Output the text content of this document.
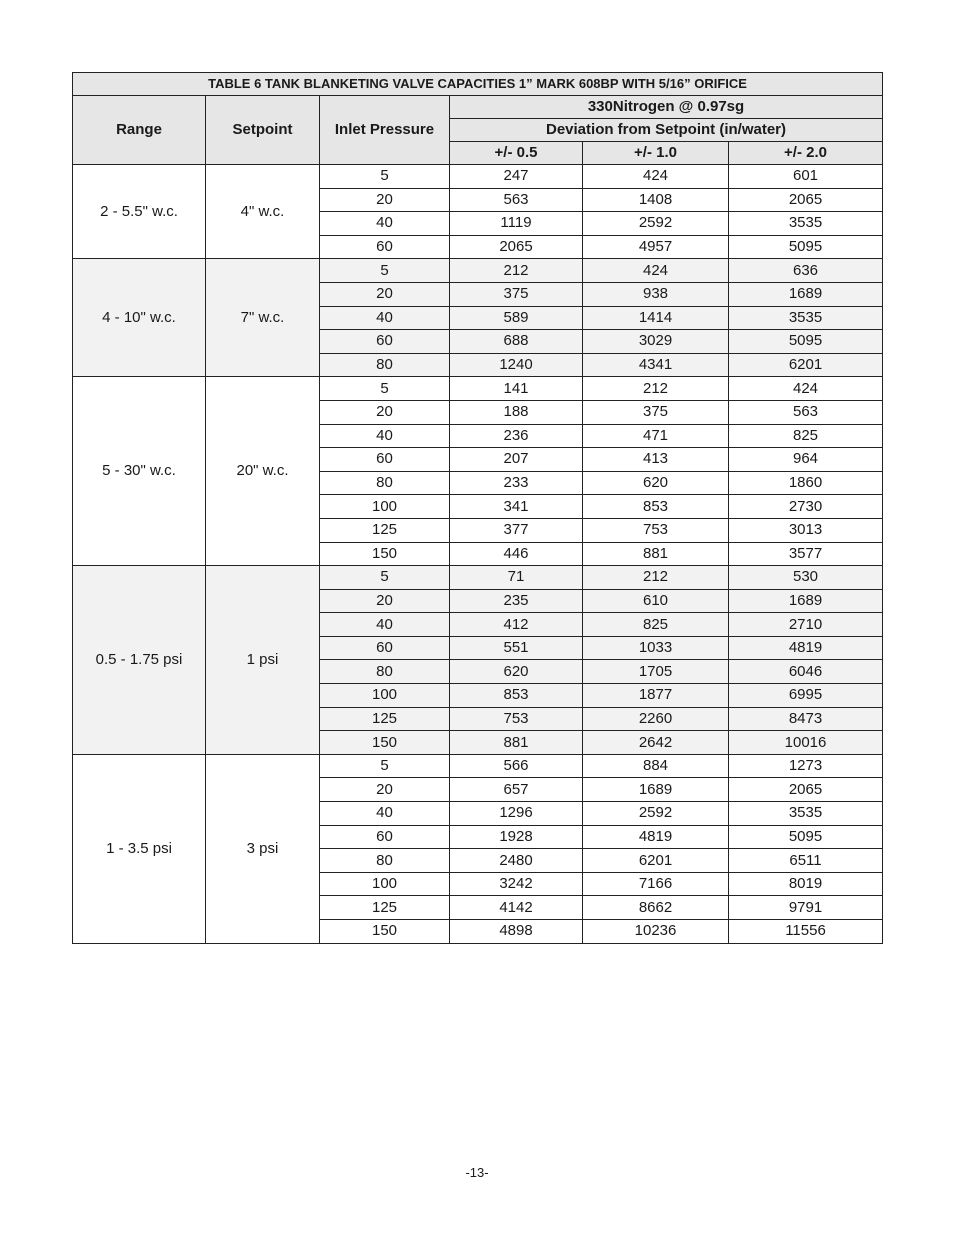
TABLE 6 TANK BLANKETING VALVE CAPACITIES 1” MARK 608BP WITH 5/16” ORIFICE					
Range	Setpoint	Inlet Pressure	330Nitrogen @ 0.97sg		
			Deviation from Setpoint (in/water)		
			+/- 0.5	+/- 1.0	+/- 2.0
2 - 5.5" w.c.	4" w.c.	5	247	424	601
		20	563	1408	2065
		40	1119	2592	3535
		60	2065	4957	5095
4 - 10" w.c.	7" w.c.	5	212	424	636
		20	375	938	1689
		40	589	1414	3535
		60	688	3029	5095
		80	1240	4341	6201
5 - 30" w.c.	20" w.c.	5	141	212	424
		20	188	375	563
		40	236	471	825
		60	207	413	964
		80	233	620	1860
		100	341	853	2730
		125	377	753	3013
		150	446	881	3577
0.5 - 1.75 psi	1 psi	5	71	212	530
		20	235	610	1689
		40	412	825	2710
		60	551	1033	4819
		80	620	1705	6046
		100	853	1877	6995
		125	753	2260	8473
		150	881	2642	10016
1 - 3.5 psi	3 psi	5	566	884	1273
		20	657	1689	2065
		40	1296	2592	3535
		60	1928	4819	5095
		80	2480	6201	6511
		100	3242	7166	8019
		125	4142	8662	9791
		150	4898	10236	11556
-13-
